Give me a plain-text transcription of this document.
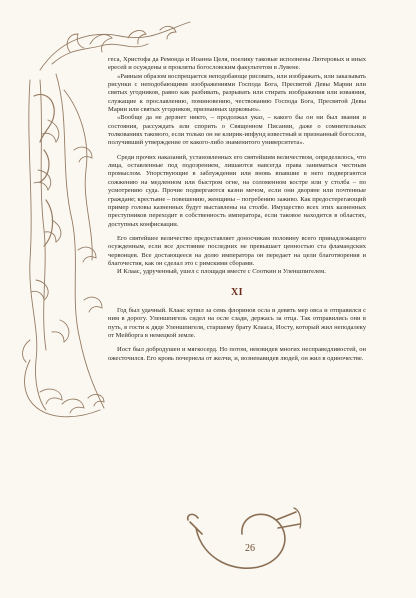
геса, Христофа да Ремонда и Иоанна Целя, поелику таковые исполнены Лютеровых и иных ересей и осуждены и прокляты богословским факультетом в Лувене.

«Равным образом воспрещается неподобающе рисовать, или изображать, или заказывать рисунки с неподобающими изображениями Господа Бога, Пресвятой Девы Марии или святых угодников, равно как разбивать, разрывать или стирать изображения или изваяния, служащие к прославлению, поминовению, чествованию Господа Бога, Пресвятой Девы Марии или святых угодников, признанных церковью».

«Вообще да не дерзнет никто, – продолжал указ, – какого бы он ни был звания и состояния, рассуждать или спорить о Священном Писании, даже о сомнительных толкованиях такового, если только он не клирик-ипфунд известный и признанный богослов, получивший утверждение от какого-либо знаменитого университета».

Среди прочих наказаний, установленных его святейшим величеством, определялось, что лица, оставленные под подозрением, лишаются навсегда права заниматься честным промыслом. Упорствующие в заблуждении или вновь впавшие в него подвергаются сожжению на медленном или быстром огне, на соломенном костре или у столба – по усмотрению суда. Прочие подвергаются казни мечом, если они дворяне или почтенные граждане; крестьяне – повешению, женщины – погребению заживо. Как предостерегающий пример головы казненных будут выставлены на столбе. Имущество всех этих казненных преступников переходит в собственность императора, если таковое находится в областях, доступных конфискации.

Его святейшее величество предоставляет доносчикам половину всего принадлежащего осужденным, если все достояние последних не превышает ценностью ста фламандских червонцев. Все достающееся на долю императора он передает на цели благотворения и благочестия, как он сделал это с римскими сборами.

И Клаас, удрученный, ушел с площади вместе с Сооткин и Уленшпигелем.

XI

Год был удачный. Клаас купил за семь флоринов осла и девять мер овса и отправился с ним в дорогу. Уленшпигель сидел на осле сзади, держась за отца. Так отправились они в путь, в гости к дяде Уленшпигеля, старшему брату Клааса, Иосту, который жил неподалеку от Мейборга в немецкой земле.

Иост был добродушен и мягкосерд. Но потом, невзвидев многих несправедливостей, он ожесточился. Его кровь почернела от желчи, и, возненавидев людей, он жил в одиночестве.

26
